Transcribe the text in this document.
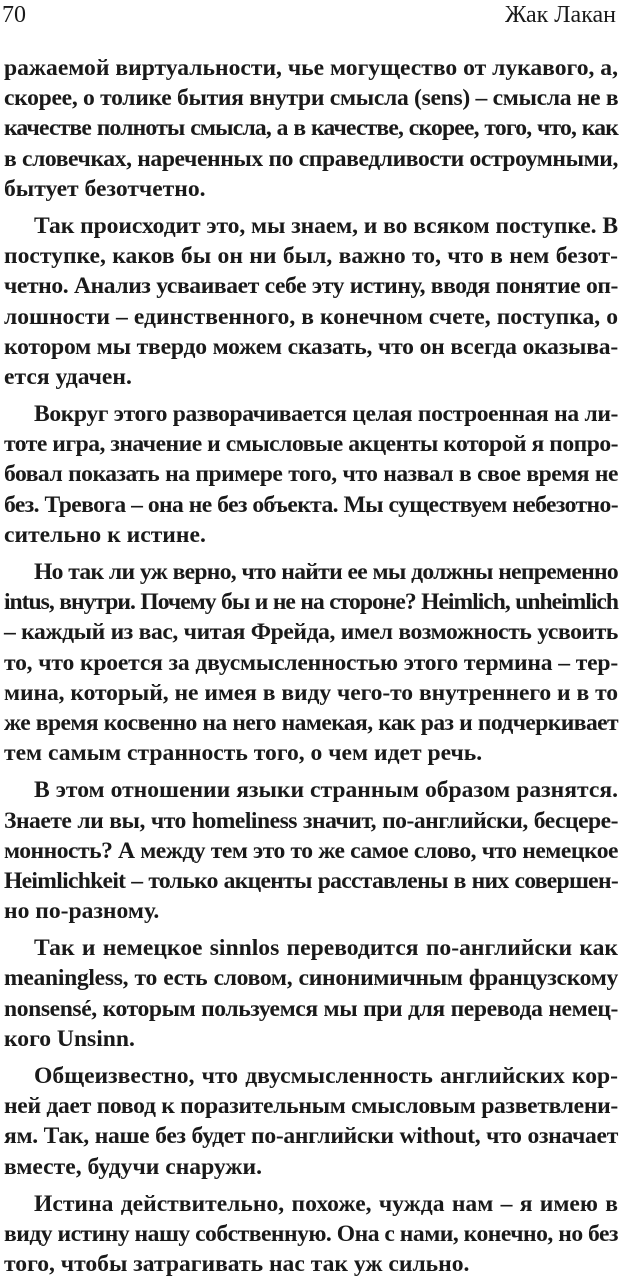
70	Жак Лакан
ражаемой виртуальности, чье могущество от лукавого, а,
скорее, о толике бытия внутри смысла (sens) – смысла не в
качестве полноты смысла, а в качестве, скорее, того, что, как
в словечках, нареченных по справедливости остроумными,
бытует безотчетно.
Так происходит это, мы знаем, и во всяком поступке. В
поступке, каков бы он ни был, важно то, что в нем безот-
четно. Анализ усваивает себе эту истину, вводя понятие оп-
лошности – единственного, в конечном счете, поступка, о
котором мы твердо можем сказать, что он всегда оказыва-
ется удачен.
Вокруг этого разворачивается целая построенная на ли-
тоте игра, значение и смысловые акценты которой я попро-
бовал показать на примере того, что назвал в свое время не
без. Тревога – она не без объекта. Мы существуем небезотно-
сительно к истине.
Но так ли уж верно, что найти ее мы должны непременно
intus, внутри. Почему бы и не на стороне? Heimlich, unheimlich
– каждый из вас, читая Фрейда, имел возможность усвоить
то, что кроется за двусмысленностью этого термина – тер-
мина, который, не имея в виду чего-то внутреннего и в то
же время косвенно на него намекая, как раз и подчеркивает
тем самым странность того, о чем идет речь.
В этом отношении языки странным образом разнятся.
Знаете ли вы, что homeliness значит, по-английски, бесцере-
монность? А между тем это то же самое слово, что немецкое
Heimlichkeit – только акценты расставлены в них совершен-
но по-разному.
Так и немецкое sinnlos переводится по-английски как
meaningless, то есть словом, синонимичным французскому
nonsensé, которым пользуемся мы при для перевода немец-
кого Unsinn.
Общеизвестно, что двусмысленность английских кор-
ней дает повод к поразительным смысловым разветвлени-
ям. Так, наше без будет по-английски without, что означает
вместе, будучи снаружи.
Истина действительно, похоже, чужда нам – я имею в
виду истину нашу собственную. Она с нами, конечно, но без
того, чтобы затрагивать нас так уж сильно.
